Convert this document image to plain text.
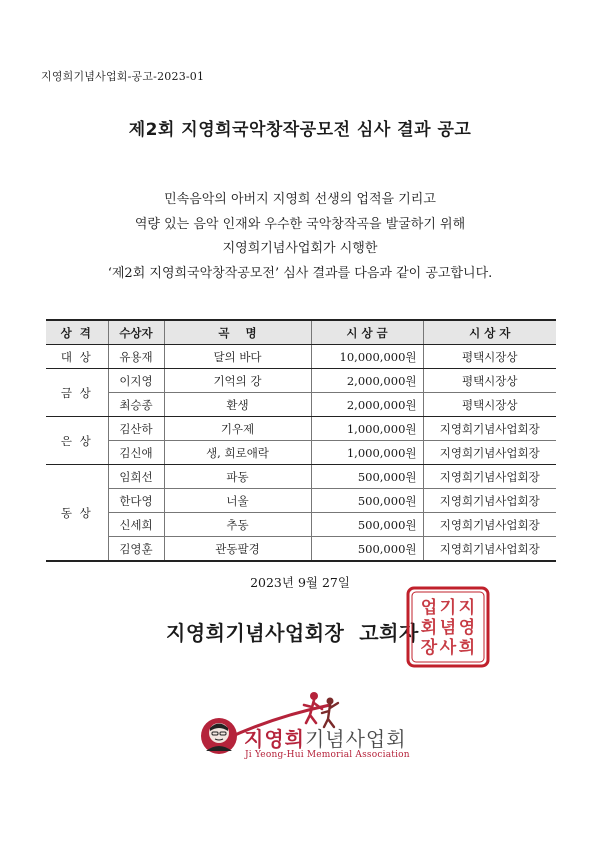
지영희기념사업회-공고-2023-01
제2회 지영희국악창작공모전 심사 결과 공고
민속음악의 아버지 지영희 선생의 업적을 기리고
역량 있는 음악 인재와 우수한 국악창작곡을 발굴하기 위해
지영희기념사업회가 시행한
‘제2회 지영희국악창작공모전’ 심사 결과를 다음과 같이 공고합니다.
상 격	수상자	곡    명	시 상 금	시 상 자
대 상	유용재	달의 바다	10,000,000원	평택시장상
금 상	이지영	기억의 강	2,000,000원	평택시장상
	최승종	환생	2,000,000원	평택시장상
은 상	김산하	기우제	1,000,000원	지영희기념사업회장
	김신애	생, 희로애락	1,000,000원	지영희기념사업회장
동 상	임희선	파동	500,000원	지영희기념사업회장
	한다영	너울	500,000원	지영희기념사업회장
	신세희	추동	500,000원	지영희기념사업회장
	김영훈	관동팔경	500,000원	지영희기념사업회장
2023년 9월 27일
지영희기념사업회장  고희자
지
영
희
기
념
사
업
회
장
지영희기념사업회
Ji Yeong-Hui Memorial Association
